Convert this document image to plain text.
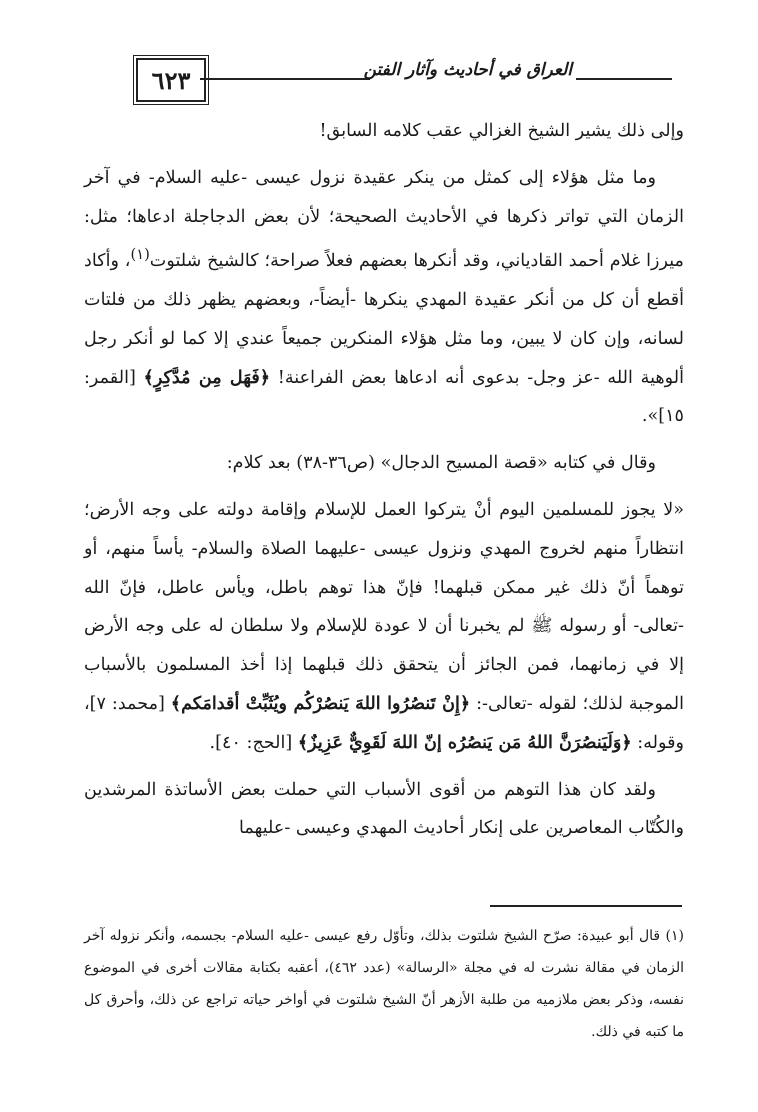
٦٢٣	العراق في أحاديث وآثار الفتن

وإلى ذلك يشير الشيخ الغزالي عقب كلامه السابق!

وما مثل هؤلاء إلى كمثل من ينكر عقيدة نزول عيسى -عليه السلام- في آخر الزمان التي تواتر ذكرها في الأحاديث الصحيحة؛ لأن بعض الدجاجلة ادعاها؛ مثل: ميرزا غلام أحمد القادياني، وقد أنكرها بعضهم فعلاً صراحة؛ كالشيخ شلتوت$^{(١)}$، وأكاد أقطع أن كل من أنكر عقيدة المهدي ينكرها -أيضاً-، وبعضهم يظهر ذلك من فلتات لسانه، وإن كان لا يبين، وما مثل هؤلاء المنكرين جميعاً عندي إلا كما لو أنكر رجل ألوهية الله -عز وجل- بدعوى أنه ادعاها بعض الفراعنة! ﴿فَهَل مِن مُدَّكِرٍ﴾ [القمر: ١٥]».

وقال في كتابه «قصة المسيح الدجال» (ص٣٦-٣٨) بعد كلام:

«لا يجوز للمسلمين اليوم أنْ يتركوا العمل للإسلام وإقامة دولته على وجه الأرض؛ انتظاراً منهم لخروج المهدي ونزول عيسى -عليهما الصلاة والسلام- يأساً منهم، أو توهماً أنّ ذلك غير ممكن قبلهما! فإنّ هذا توهم باطل، ويأس عاطل، فإنّ الله -تعالى- أو رسوله ﷺ لم يخبرنا أن لا عودة للإسلام ولا سلطان له على وجه الأرض إلا في زمانهما، فمن الجائز أن يتحقق ذلك قبلهما إذا أخذ المسلمون بالأسباب الموجبة لذلك؛ لقوله -تعالى-: ﴿إِنْ تَنصُرُوا اللهَ يَنصُرْكُم ويُثَبِّتْ أقدامَكم﴾ [محمد: ٧]، وقوله: ﴿وَلَيَنصُرَنَّ اللهُ مَن يَنصُرُه إنّ اللهَ لَقَوِيٌّ عَزِيزٌ﴾ [الحج: ٤٠].

ولقد كان هذا التوهم من أقوى الأسباب التي حملت بعض الأساتذة المرشدين والكُتّاب المعاصرين على إنكار أحاديث المهدي وعيسى -عليهما

(١) قال أبو عبيدة: صرّح الشيخ شلتوت بذلك، وتأوّل رفع عيسى -عليه السلام- بجسمه، وأنكر نزوله آخر الزمان في مقالة نشرت له في مجلة «الرسالة» (عدد ٤٦٢)، أعقبه بكتابة مقالات أخرى في الموضوع نفسه، وذكر بعض ملازميه من طلبة الأزهر أنّ الشيخ شلتوت في أواخر حياته تراجع عن ذلك، وأحرق كل ما كتبه في ذلك.
